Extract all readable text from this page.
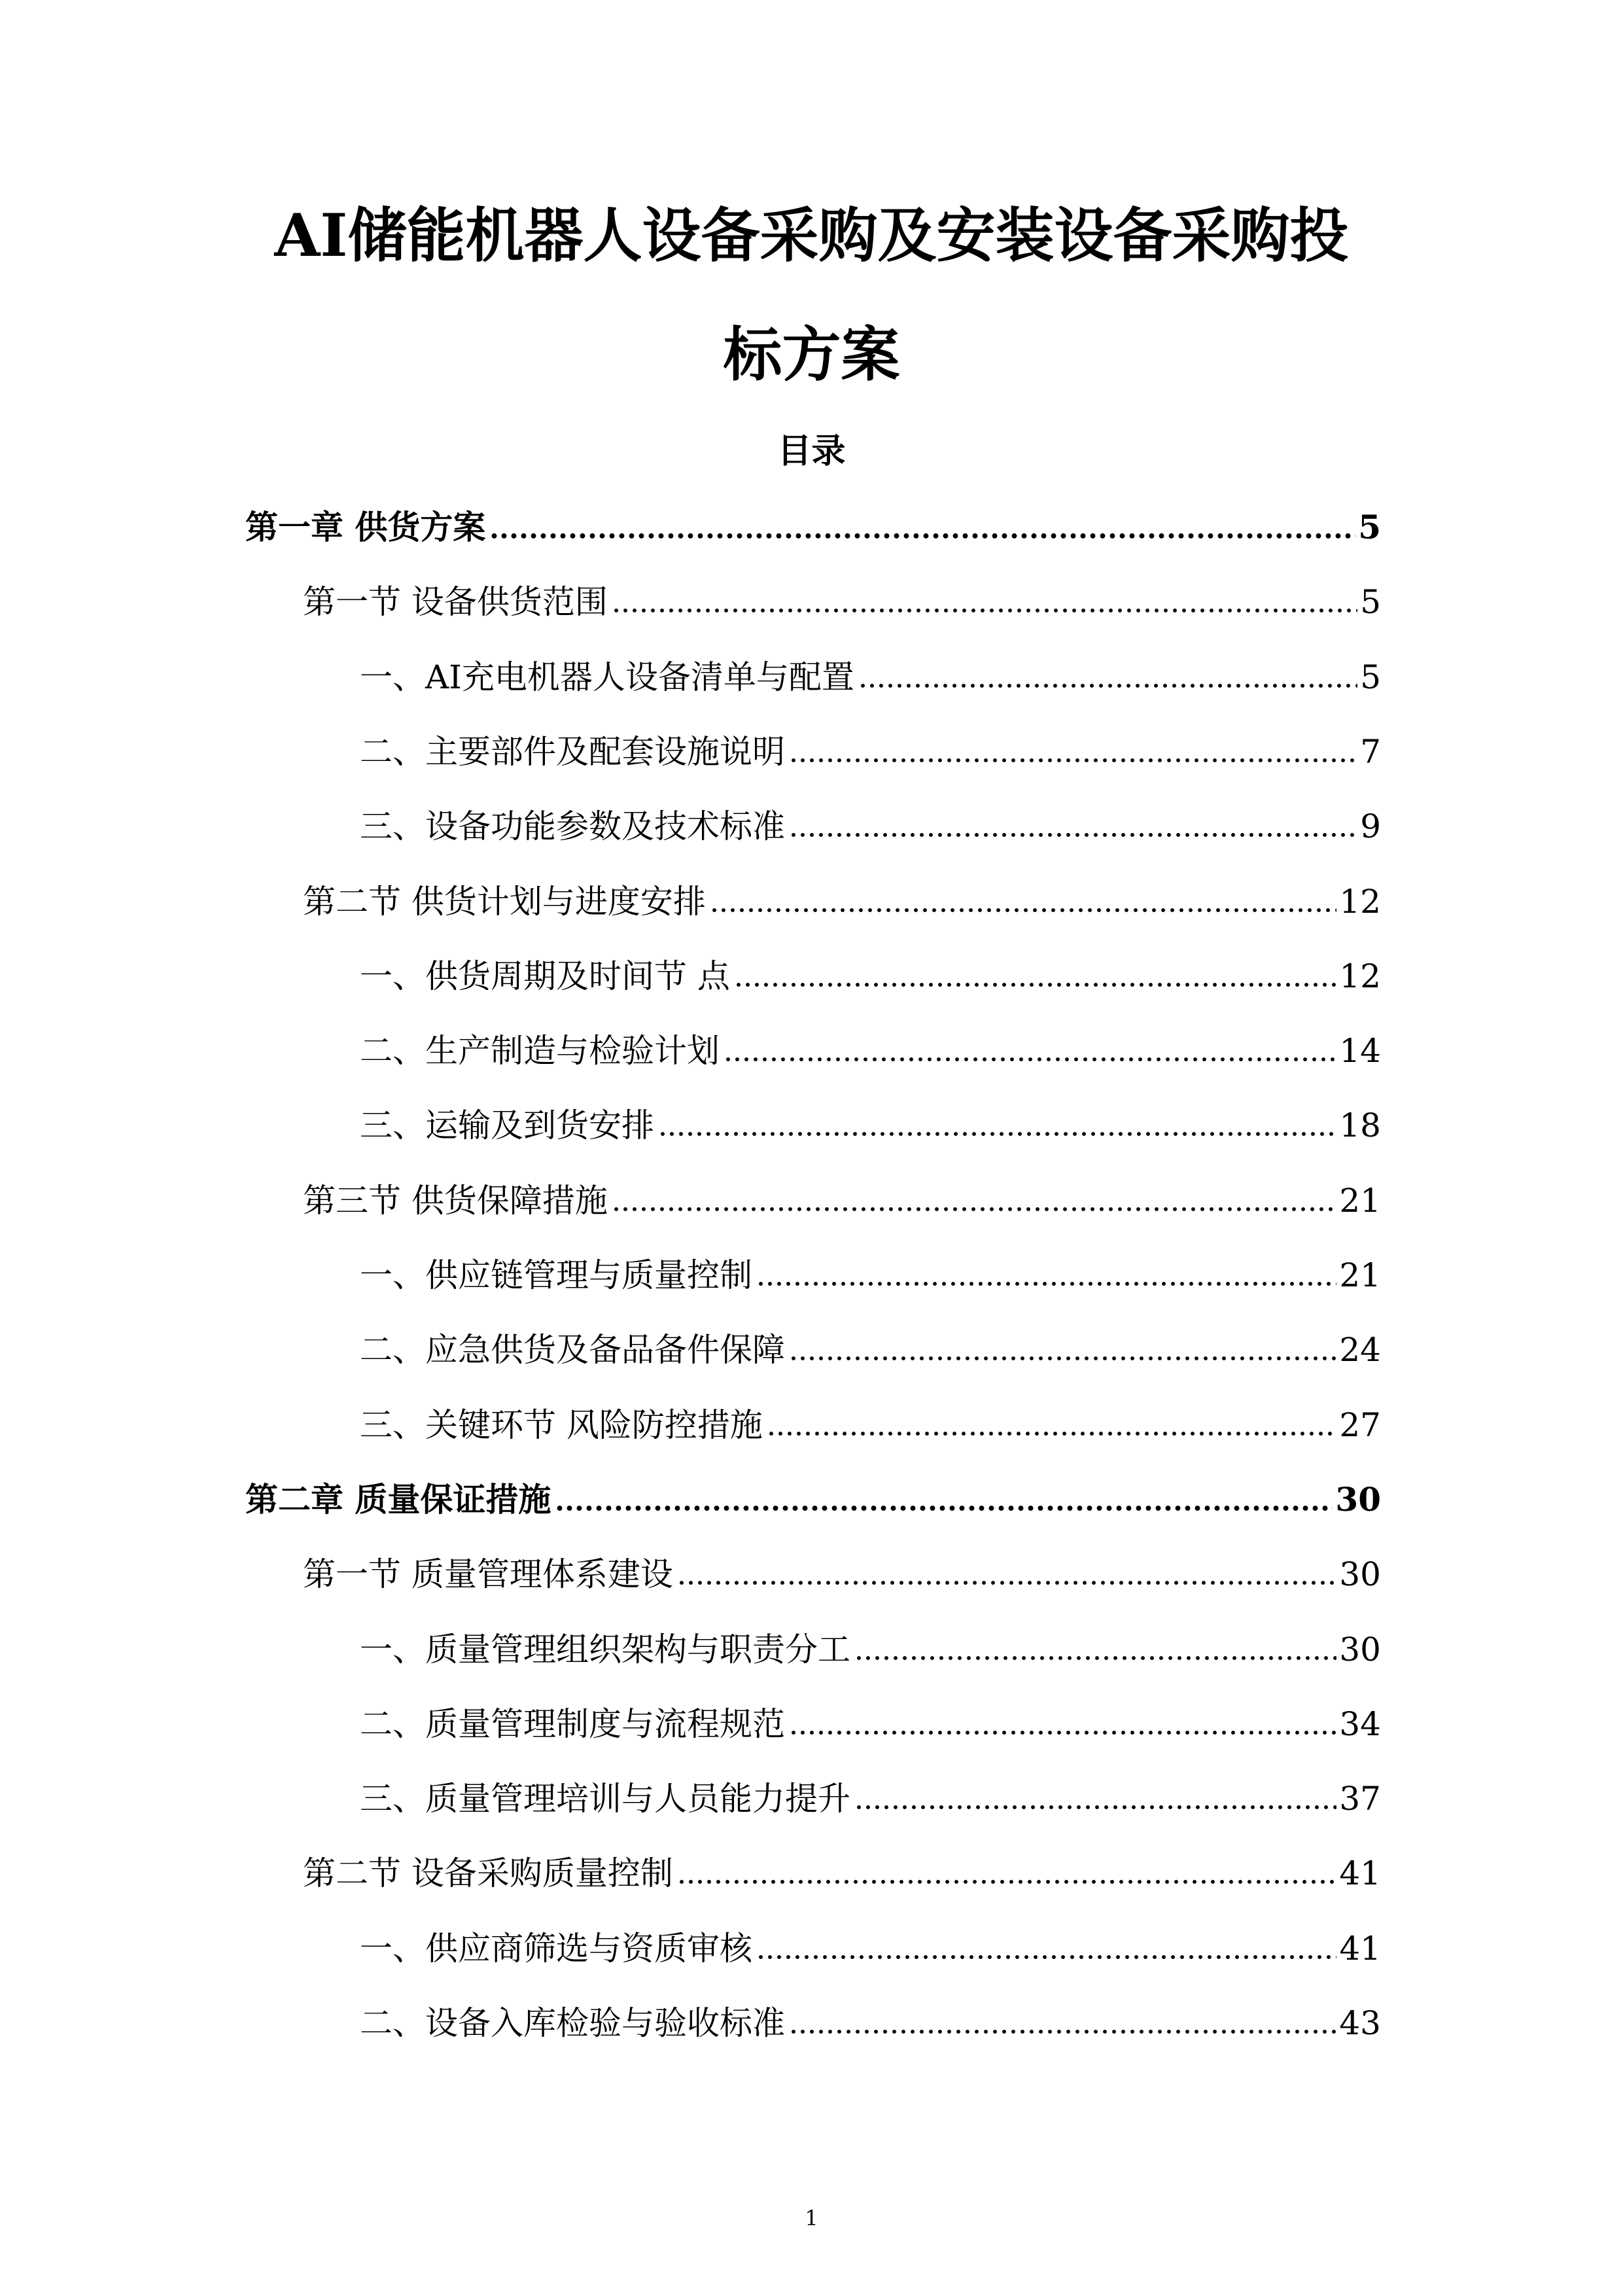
AI储能机器人设备采购及安装设备采购投
标方案
目录
第一章 供货方案	5
第一节 设备供货范围	5
一、AI充电机器人设备清单与配置	5
二、主要部件及配套设施说明	7
三、设备功能参数及技术标准	9
第二节 供货计划与进度安排	12
一、供货周期及时间节 点	12
二、生产制造与检验计划	14
三、运输及到货安排	18
第三节 供货保障措施	21
一、供应链管理与质量控制	21
二、应急供货及备品备件保障	24
三、关键环节 风险防控措施	27
第二章 质量保证措施	30
第一节 质量管理体系建设	30
一、质量管理组织架构与职责分工	30
二、质量管理制度与流程规范	34
三、质量管理培训与人员能力提升	37
第二节 设备采购质量控制	41
一、供应商筛选与资质审核	41
二、设备入库检验与验收标准	43
1
